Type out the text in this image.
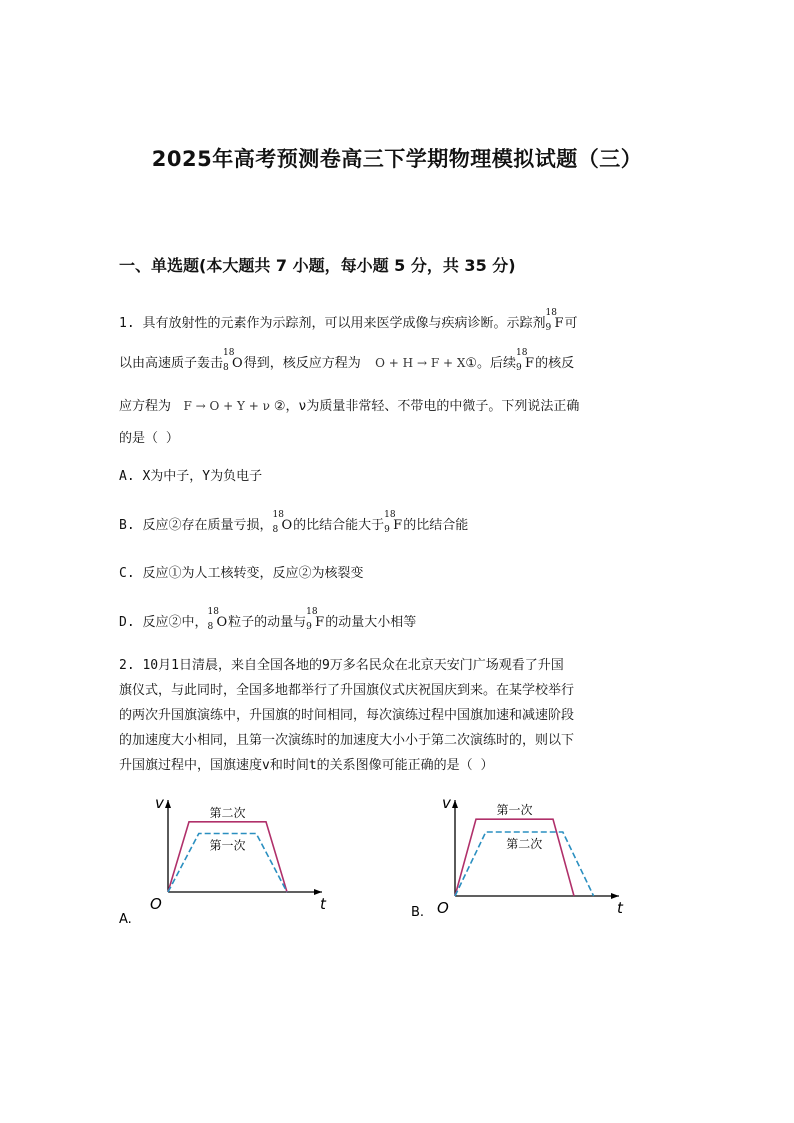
2025年高考预测卷高三下学期物理模拟试题（三）
一、单选题(本大题共 7 小题，每小题 5 分，共 35 分)
1. 具有放射性的元素作为示踪剂，可以用来医学成像与疾病诊断。示踪剂
18
9 F可
以由高速质子轰击
18
8 O得到，核反应方程为 O + H → F + X①。后续
18
9 F的核反
应方程为 F → O + Y + ν ②，ν为质量非常轻、不带电的中微子。下列说法正确
的是（ ）
A. X为中子，Y为负电子
B. 反应②存在质量亏损，
18
8 O的比结合能大于
18
9 F的比结合能
C. 反应①为人工核转变，反应②为核裂变
D. 反应②中，
18
8 O粒子的动量与
18
9 F的动量大小相等
2. 10月1日清晨，来自全国各地的9万多名民众在北京天安门广场观看了升国
旗仪式，与此同时，全国多地都举行了升国旗仪式庆祝国庆到来。在某学校举行
的两次升国旗演练中，升国旗的时间相同，每次演练过程中国旗加速和减速阶段
的加速度大小相同，且第一次演练时的加速度大小小于第二次演练时的，则以下
升国旗过程中，国旗速度v和时间t的关系图像可能正确的是（ ）
v
t
O
A.
第二次
第一次
v
t
O
B.
第一次
第二次
